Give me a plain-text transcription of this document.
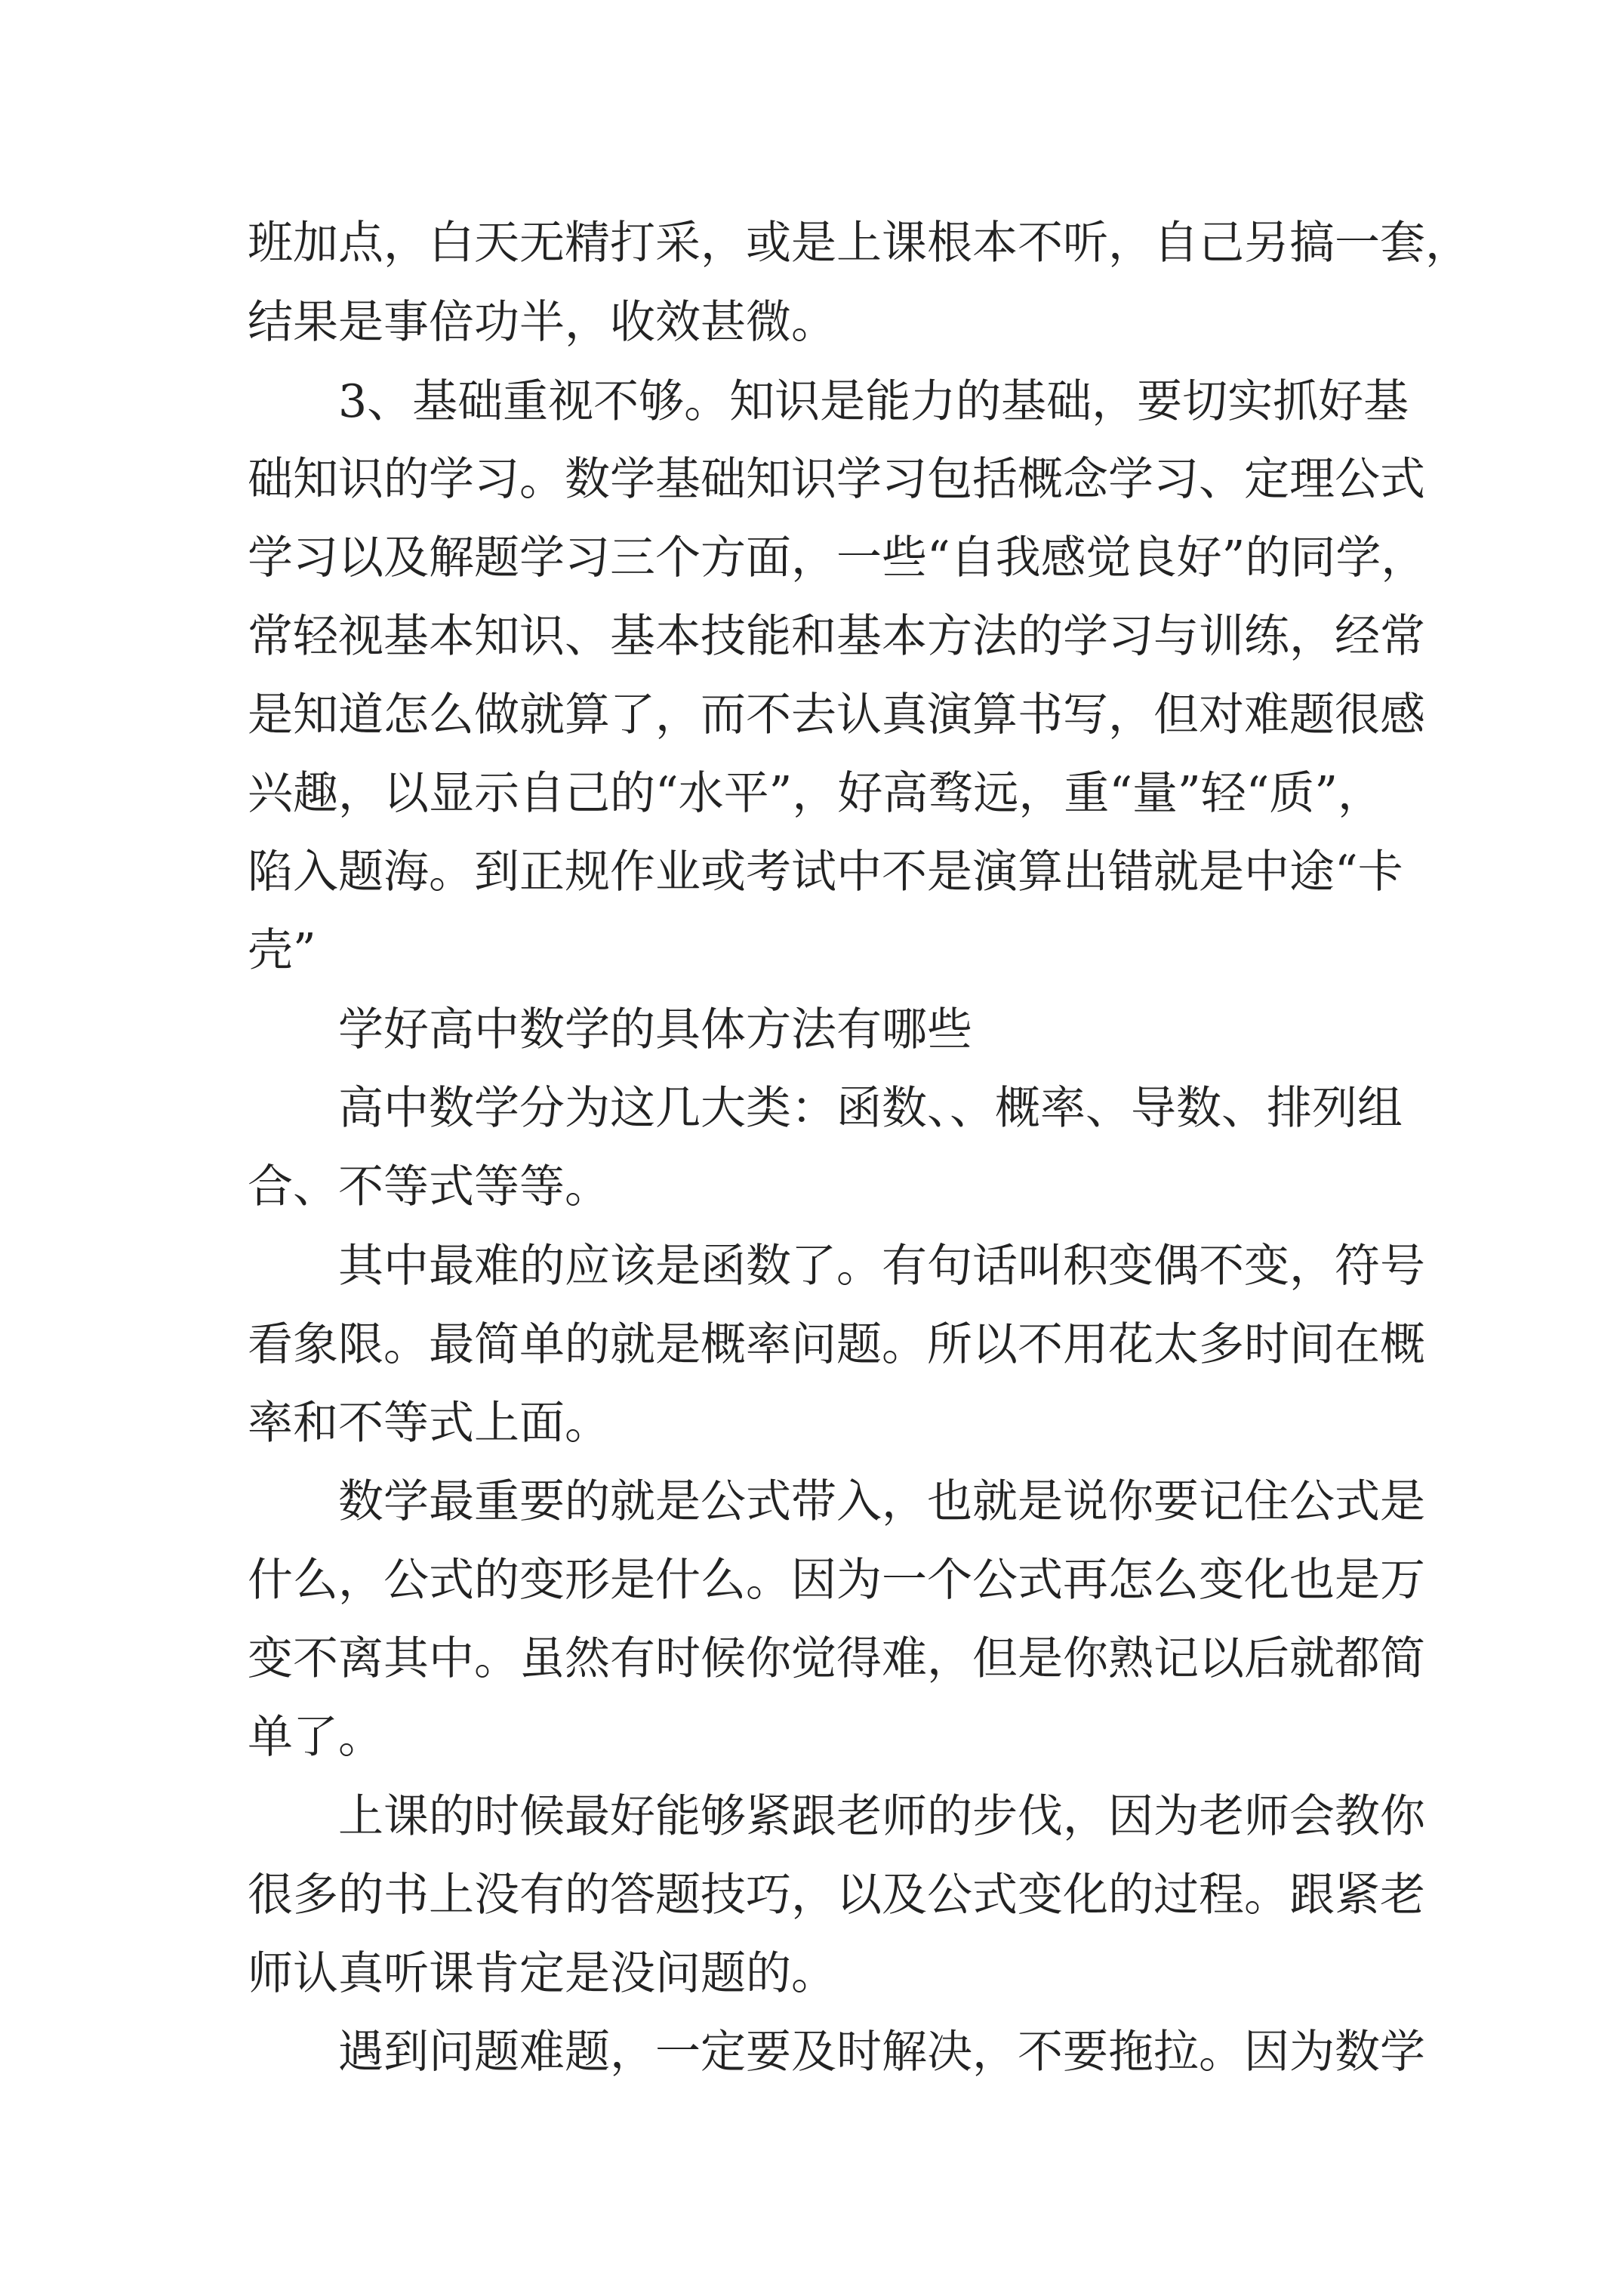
班加点，白天无精打采，或是上课根本不听，自己另搞一套，
结果是事倍功半，收效甚微。
3、基础重视不够。知识是能力的基础，要切实抓好基
础知识的学习。数学基础知识学习包括概念学习、定理公式
学习以及解题学习三个方面，一些“自我感觉良好”的同学，
常轻视基本知识、基本技能和基本方法的学习与训练，经常
是知道怎么做就算了，而不去认真演算书写，但对难题很感
兴趣，以显示自己的“水平”，好高骛远，重“量”轻“质”，
陷入题海。到正规作业或考试中不是演算出错就是中途“卡
壳”
学好高中数学的具体方法有哪些
高中数学分为这几大类：函数、、概率、导数、排列组
合、不等式等等。
其中最难的应该是函数了。有句话叫积变偶不变，符号
看象限。最简单的就是概率问题。所以不用花太多时间在概
率和不等式上面。
数学最重要的就是公式带入，也就是说你要记住公式是
什么，公式的变形是什么。因为一个公式再怎么变化也是万
变不离其中。虽然有时候你觉得难，但是你熟记以后就都简
单了。
上课的时候最好能够紧跟老师的步伐，因为老师会教你
很多的书上没有的答题技巧，以及公式变化的过程。跟紧老
师认真听课肯定是没问题的。
遇到问题难题，一定要及时解决，不要拖拉。因为数学
